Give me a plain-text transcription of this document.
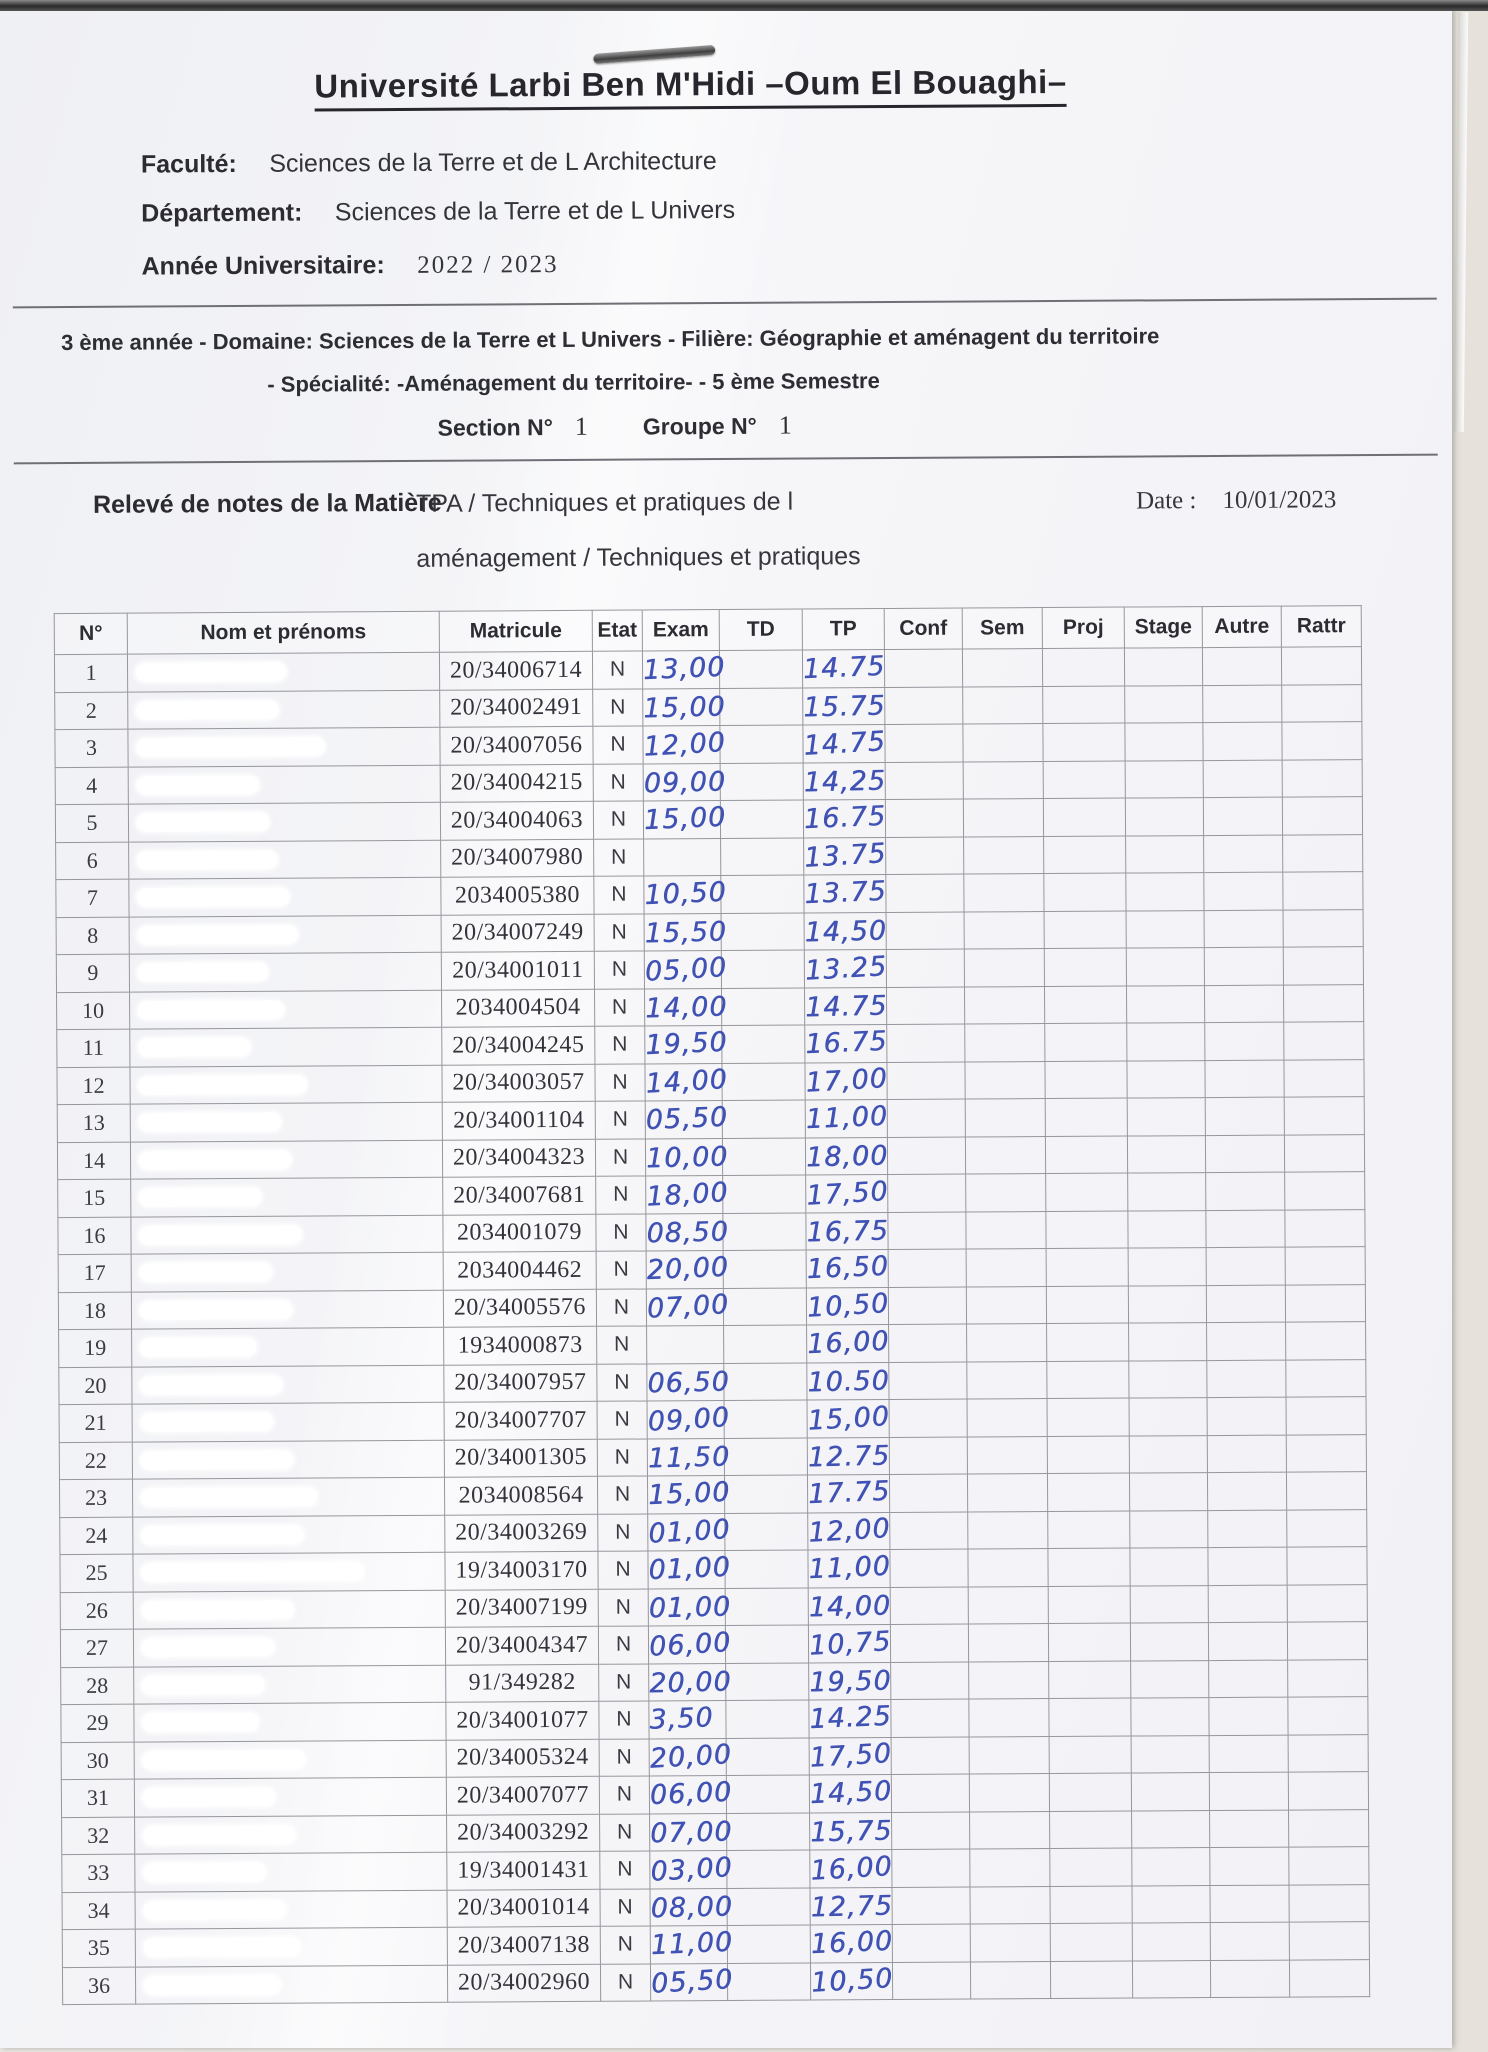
Université Larbi Ben M'Hidi –Oum El Bouaghi–
Faculté: Sciences de la Terre et de L Architecture
Département: Sciences de la Terre et de L Univers
Année Universitaire: 2022 / 2023
3 ème année - Domaine: Sciences de la Terre et L Univers - Filière: Géographie et aménagent du territoire
- Spécialité: -Aménagement du territoire- - 5 ème Semestre
Section N° 1 Groupe N° 1
Relevé de notes de la Matière
TPA / Techniques et pratiques de l	Date : 10/01/2023
aménagement / Techniques et pratiques
N°	Nom et prénoms	Matricule	Etat	Exam	TD	TP	Conf	Sem	Proj	Stage	Autre	Rattr
1		20/34006714	N	13,00		14.75						
2		20/34002491	N	15,00		15.75						
3		20/34007056	N	12,00		14.75						
4		20/34004215	N	09,00		14,25						
5		20/34004063	N	15,00		16.75						
6		20/34007980	N			13.75						
7		2034005380	N	10,50		13.75						
8		20/34007249	N	15,50		14,50						
9		20/34001011	N	05,00		13.25						
10		2034004504	N	14,00		14.75						
11		20/34004245	N	19,50		16.75						
12		20/34003057	N	14,00		17,00						
13		20/34001104	N	05,50		11,00						
14		20/34004323	N	10,00		18,00						
15		20/34007681	N	18,00		17,50						
16		2034001079	N	08,50		16,75						
17		2034004462	N	20,00		16,50						
18		20/34005576	N	07,00		10,50						
19		1934000873	N			16,00						
20		20/34007957	N	06,50		10.50						
21		20/34007707	N	09,00		15,00						
22		20/34001305	N	11,50		12.75						
23		2034008564	N	15,00		17.75						
24		20/34003269	N	01,00		12,00						
25		19/34003170	N	01,00		11,00						
26		20/34007199	N	01,00		14,00						
27		20/34004347	N	06,00		10,75						
28		91/349282	N	20,00		19,50						
29		20/34001077	N	3,50		14.25						
30		20/34005324	N	20,00		17,50						
31		20/34007077	N	06,00		14,50						
32		20/34003292	N	07,00		15,75						
33		19/34001431	N	03,00		16,00						
34		20/34001014	N	08,00		12,75						
35		20/34007138	N	11,00		16,00						
36		20/34002960	N	05,50		10,50						
